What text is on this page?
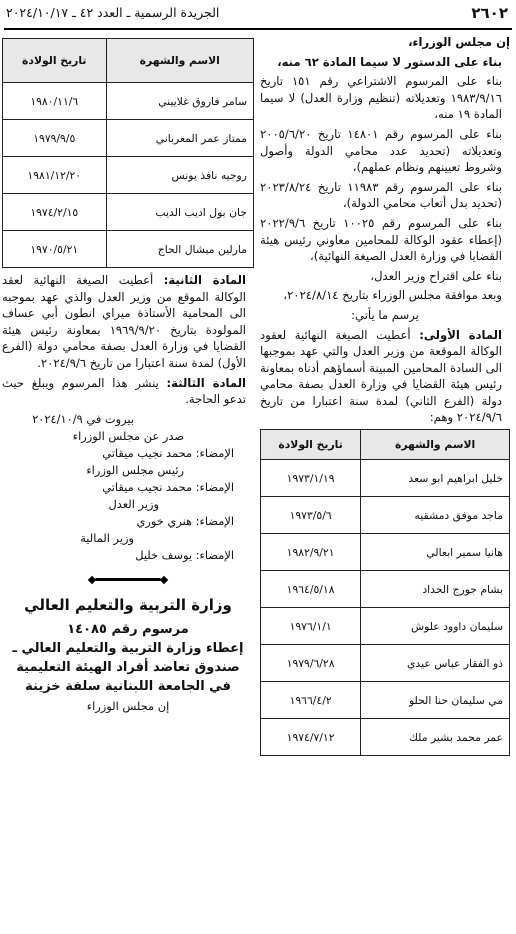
٢٦٠٢
الجريدة الرسمية ـ العدد ٤٢ ـ ٢٠٢٤/١٠/١٧

إن مجلس الوزراء،

بناء على الدستور لا سيما المادة ٦٢ منه،

بناء على المرسوم الاشتراعي رقم ١٥١ تاريخ ١٩٨٣/٩/١٦ وتعديلاته (تنظيم وزارة العدل) لا سيما المادة ١٩ منه،

بناء على المرسوم رقم ١٤٨٠١ تاريخ ٢٠٠٥/٦/٢٠ وتعديلاته (تحديد عدد محامي الدولة وأصول وشروط تعيينهم ونظام عملهم)،

بناء على المرسوم رقم ١١٩٨٣ تاريخ ٢٠٢٣/٨/٢٤ (تحديد بدل أتعاب محامي الدولة)،

بناء على المرسوم رقم ١٠٠٢٥ تاريخ ٢٠٢٢/٩/٦ (إعطاء عقود الوكالة للمحامين معاوني رئيس هيئة القضايا في وزارة العدل الصيغة النهائية)،

بناء على اقتراح وزير العدل،

وبعد موافقة مجلس الوزراء بتاريخ ٢٠٢٤/٨/١٤،

يرسم ما يأتي:

المادة الأولى: أعطيت الصيغة النهائية لعقود الوكالة الموقعة من وزير العدل والتي عهد بموجبها الى السادة المحامين المبينة أسماؤهم أدناه بمعاونة رئيس هيئة القضايا في وزارة العدل بصفة محامي دولة (الفرع الثاني) لمدة سنة اعتبارا من تاريخ ٢٠٢٤/٩/٦ وهم:

الاسم والشهرة	تاريخ الولادة
خليل ابراهيم ابو سعد	١٩٧٣/١/١٩
ماجد موفق دمشقيه	١٩٧٣/٥/٦
هانيا سمير ابعالي	١٩٨٢/٩/٢١
بشام جورج الحداد	١٩٦٤/٥/١٨
سليمان داوود علوش	١٩٧٦/١/١
ذو الفقار عباس عيدي	١٩٧٩/٦/٢٨
مي سليمان حنا الحلو	١٩٦٦/٤/٢
عمر محمد بشير ملك	١٩٧٤/٧/١٢
الاسم والشهرة	تاريخ الولادة
سامر فاروق غلاييني	١٩٨٠/١١/٦
ممتاز عمر المعرباني	١٩٧٩/٩/٥
روجيه نافذ يونس	١٩٨١/١٢/٢٠
جان بول اديب الديب	١٩٧٤/٢/١٥
مارلين ميشال الحاج	١٩٧٠/٥/٢١

المادة الثانية: أعطيت الصيغة النهائية لعقد الوكالة الموقع من وزير العدل والذي عهد بموجبه الى المحامية الأستاذة ميراي انطون أبي عساف المولودة بتاريخ ١٩٦٩/٩/٢٠ بمعاونة رئيس هيئة القضايا في وزارة العدل بصفة محامي دولة (الفرع الأول) لمدة سنة اعتبارا من تاريخ ٢٠٢٤/٩/٦.

المادة الثالثة: ينشر هذا المرسوم ويبلغ حيث تدعو الحاجة.

بيروت في ٢٠٢٤/١٠/٩

صدر عن مجلس الوزراء

الإمضاء: محمد نجيب ميقاتي

رئيس مجلس الوزراء

الإمضاء: محمد نجيب ميقاتي

وزير العدل

الإمضاء: هنري خوري

وزير المالية

الإمضاء: يوسف خليل

وزارة التربية والتعليم العالي

مرسوم رقم ١٤٠٨٥

إعطاء وزارة التربية والتعليم العالي ـ

صندوق تعاضد أفراد الهيئة التعليمية

في الجامعة اللبنانية سلفة خزينة

إن مجلس الوزراء
